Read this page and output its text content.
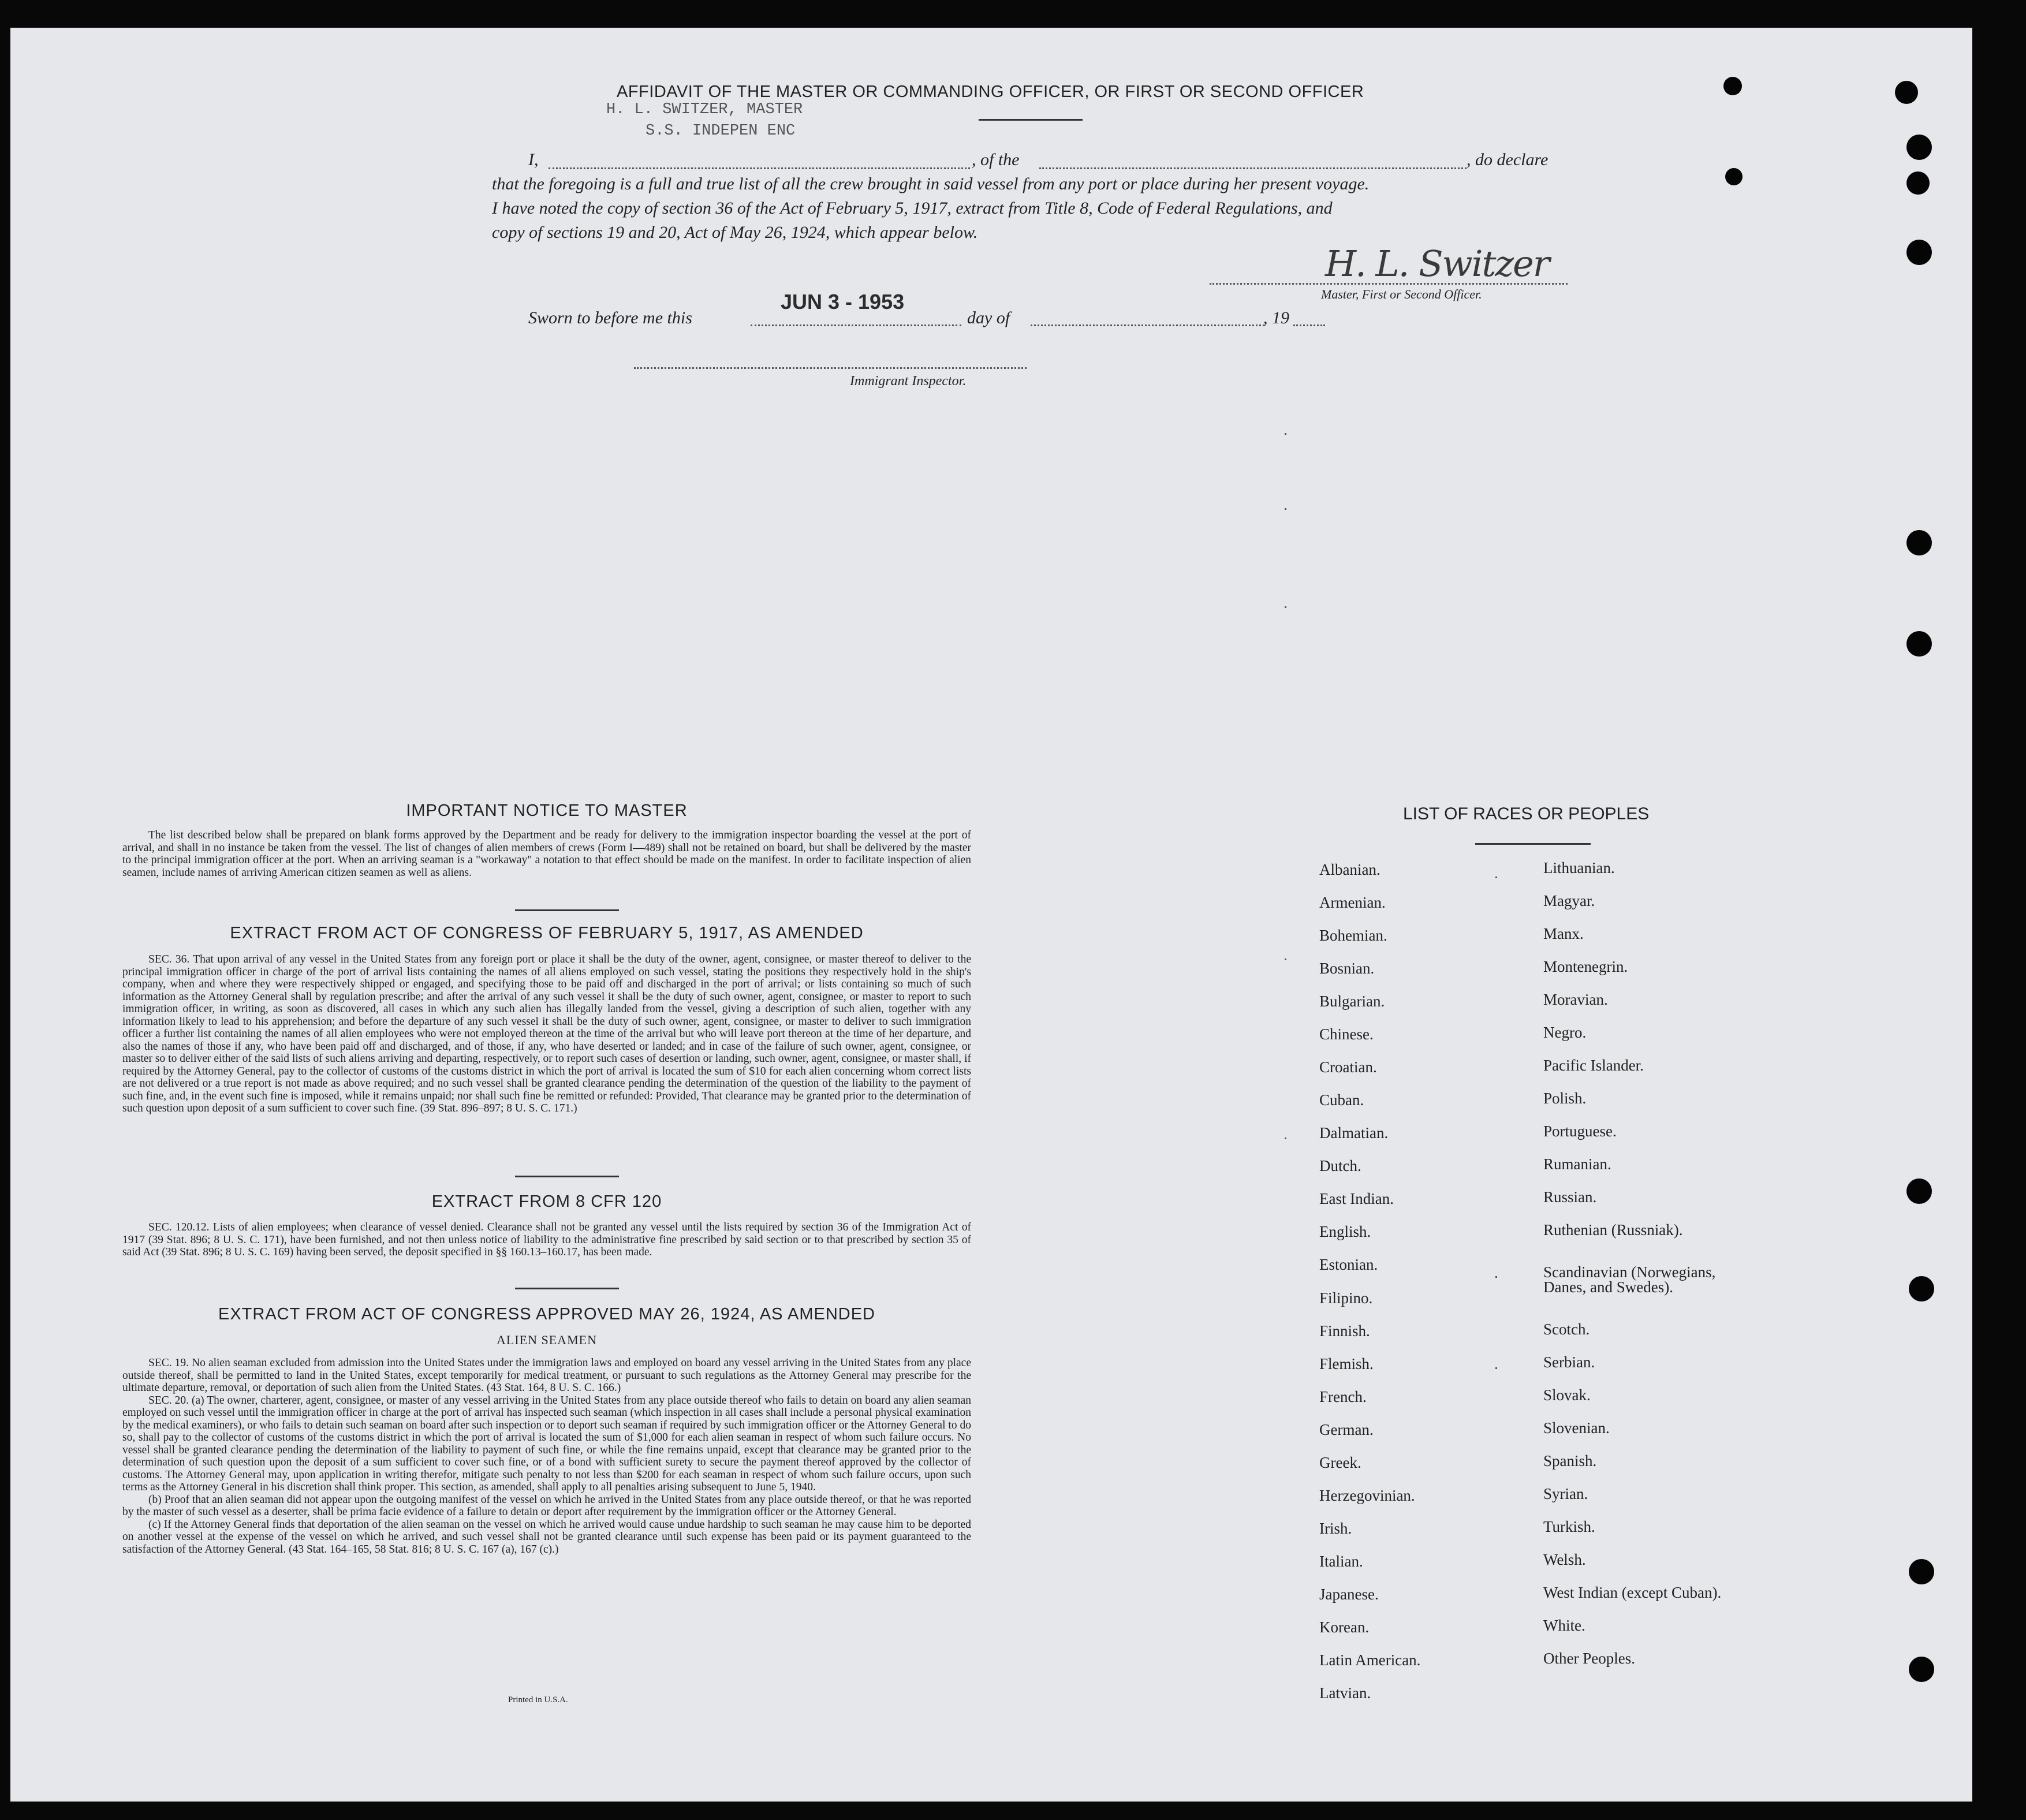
AFFIDAVIT OF THE MASTER OR COMMANDING OFFICER, OR FIRST OR SECOND OFFICER
H. L. SWITZER, MASTER
S.S. INDEPEN ENC
I,	, of the	, do declare
that the foregoing is a full and true list of all the crew brought in said vessel from any port or place during her present voyage.
I have noted the copy of section 36 of the Act of February 5, 1917, extract from Title 8, Code of Federal Regulations, and
copy of sections 19 and 20, Act of May 26, 1924, which appear below.
H. L. Switzer
Master, First or Second Officer.
Sworn to before me this
JUN 3 - 1953
day of	, 19
Immigrant Inspector.
IMPORTANT NOTICE TO MASTER
The list described below shall be prepared on blank forms approved by the Department and be ready for delivery to the immigration inspector boarding the vessel at the port of arrival, and shall in no instance be taken from the vessel. The list of changes of alien members of crews (Form I—489) shall not be retained on board, but shall be delivered by the master to the principal immigration officer at the port. When an arriving seaman is a "workaway" a notation to that effect should be made on the manifest. In order to facilitate inspection of alien seamen, include names of arriving American citizen seamen as well as aliens.
EXTRACT FROM ACT OF CONGRESS OF FEBRUARY 5, 1917, AS AMENDED
SEC. 36. That upon arrival of any vessel in the United States from any foreign port or place it shall be the duty of the owner, agent, consignee, or master thereof to deliver to the principal immigration officer in charge of the port of arrival lists containing the names of all aliens employed on such vessel, stating the positions they respectively hold in the ship's company, when and where they were respectively shipped or engaged, and specifying those to be paid off and discharged in the port of arrival; or lists containing so much of such information as the Attorney General shall by regulation prescribe; and after the arrival of any such vessel it shall be the duty of such owner, agent, consignee, or master to report to such immigration officer, in writing, as soon as discovered, all cases in which any such alien has illegally landed from the vessel, giving a description of such alien, together with any information likely to lead to his apprehension; and before the departure of any such vessel it shall be the duty of such owner, agent, consignee, or master to deliver to such immigration officer a further list containing the names of all alien employees who were not employed thereon at the time of the arrival but who will leave port thereon at the time of her departure, and also the names of those if any, who have been paid off and discharged, and of those, if any, who have deserted or landed; and in case of the failure of such owner, agent, consignee, or master so to deliver either of the said lists of such aliens arriving and departing, respectively, or to report such cases of desertion or landing, such owner, agent, consignee, or master shall, if required by the Attorney General, pay to the collector of customs of the customs district in which the port of arrival is located the sum of $10 for each alien concerning whom correct lists are not delivered or a true report is not made as above required; and no such vessel shall be granted clearance pending the determination of the question of the liability to the payment of such fine, and, in the event such fine is imposed, while it remains unpaid; nor shall such fine be remitted or refunded: Provided, That clearance may be granted prior to the determination of such question upon deposit of a sum sufficient to cover such fine. (39 Stat. 896–897; 8 U. S. C. 171.)
EXTRACT FROM 8 CFR 120
SEC. 120.12. Lists of alien employees; when clearance of vessel denied. Clearance shall not be granted any vessel until the lists required by section 36 of the Immigration Act of 1917 (39 Stat. 896; 8 U. S. C. 171), have been furnished, and not then unless notice of liability to the administrative fine prescribed by said section or to that prescribed by section 35 of said Act (39 Stat. 896; 8 U. S. C. 169) having been served, the deposit specified in §§ 160.13–160.17, has been made.
EXTRACT FROM ACT OF CONGRESS APPROVED MAY 26, 1924, AS AMENDED
ALIEN SEAMEN
SEC. 19. No alien seaman excluded from admission into the United States under the immigration laws and employed on board any vessel arriving in the United States from any place outside thereof, shall be permitted to land in the United States, except temporarily for medical treatment, or pursuant to such regulations as the Attorney General may prescribe for the ultimate departure, removal, or deportation of such alien from the United States. (43 Stat. 164, 8 U. S. C. 166.)
SEC. 20. (a) The owner, charterer, agent, consignee, or master of any vessel arriving in the United States from any place outside thereof who fails to detain on board any alien seaman employed on such vessel until the immigration officer in charge at the port of arrival has inspected such seaman (which inspection in all cases shall include a personal physical examination by the medical examiners), or who fails to detain such seaman on board after such inspection or to deport such seaman if required by such immigration officer or the Attorney General to do so, shall pay to the collector of customs of the customs district in which the port of arrival is located the sum of $1,000 for each alien seaman in respect of whom such failure occurs. No vessel shall be granted clearance pending the determination of the liability to payment of such fine, or while the fine remains unpaid, except that clearance may be granted prior to the determination of such question upon the deposit of a sum sufficient to cover such fine, or of a bond with sufficient surety to secure the payment thereof approved by the collector of customs. The Attorney General may, upon application in writing therefor, mitigate such penalty to not less than $200 for each seaman in respect of whom such failure occurs, upon such terms as the Attorney General in his discretion shall think proper. This section, as amended, shall apply to all penalties arising subsequent to June 5, 1940.
(b) Proof that an alien seaman did not appear upon the outgoing manifest of the vessel on which he arrived in the United States from any place outside thereof, or that he was reported by the master of such vessel as a deserter, shall be prima facie evidence of a failure to detain or deport after requirement by the immigration officer or the Attorney General.
(c) If the Attorney General finds that deportation of the alien seaman on the vessel on which he arrived would cause undue hardship to such seaman he may cause him to be deported on another vessel at the expense of the vessel on which he arrived, and such vessel shall not be granted clearance until such expense has been paid or its payment guaranteed to the satisfaction of the Attorney General. (43 Stat. 164–165, 58 Stat. 816; 8 U. S. C. 167 (a), 167 (c).)
Printed in U.S.A.
LIST OF RACES OR PEOPLES
Albanian.
Armenian.
Bohemian.
Bosnian.
Bulgarian.
Chinese.
Croatian.
Cuban.
Dalmatian.
Dutch.
East Indian.
English.
Estonian.
Filipino.
Finnish.
Flemish.
French.
German.
Greek.
Herzegovinian.
Irish.
Italian.
Japanese.
Korean.
Latin American.
Latvian.
Lithuanian.
Magyar.
Manx.
Montenegrin.
Moravian.
Negro.
Pacific Islander.
Polish.
Portuguese.
Rumanian.
Russian.
Ruthenian (Russniak).
Scandinavian (Norwegians, Danes, and Swedes).
Scotch.
Serbian.
Slovak.
Slovenian.
Spanish.
Syrian.
Turkish.
Welsh.
West Indian (except Cuban).
White.
Other Peoples.
